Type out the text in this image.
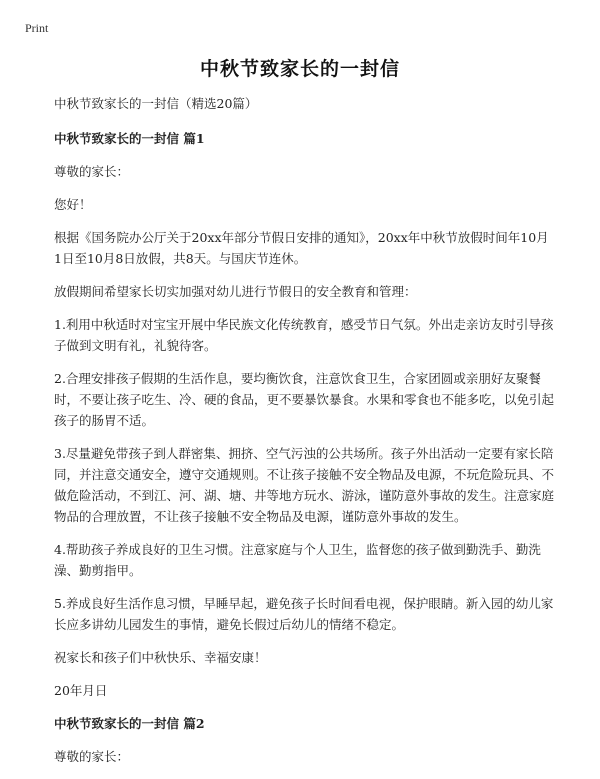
Print
中秋节致家长的一封信

中秋节致家长的一封信（精选20篇）

中秋节致家长的一封信 篇1

尊敬的家长：

您好！

根据《国务院办公厅关于20xx年部分节假日安排的通知》，20xx年中秋节放假时间年10月1日至10月8日放假，共8天。与国庆节连休。

放假期间希望家长切实加强对幼儿进行节假日的安全教育和管理：

1.利用中秋适时对宝宝开展中华民族文化传统教育，感受节日气氛。外出走亲访友时引导孩子做到文明有礼，礼貌待客。

2.合理安排孩子假期的生活作息，要均衡饮食，注意饮食卫生，合家团圆或亲朋好友聚餐时，不要让孩子吃生、冷、硬的食品，更不要暴饮暴食。水果和零食也不能多吃，以免引起孩子的肠胃不适。

3.尽量避免带孩子到人群密集、拥挤、空气污浊的公共场所。孩子外出活动一定要有家长陪同，并注意交通安全，遵守交通规则。不让孩子接触不安全物品及电源，不玩危险玩具、不做危险活动，不到江、河、湖、塘、井等地方玩水、游泳，谨防意外事故的发生。注意家庭物品的合理放置，不让孩子接触不安全物品及电源，谨防意外事故的发生。

4.帮助孩子养成良好的卫生习惯。注意家庭与个人卫生，监督您的孩子做到勤洗手、勤洗澡、勤剪指甲。

5.养成良好生活作息习惯，早睡早起，避免孩子长时间看电视，保护眼睛。新入园的幼儿家长应多讲幼儿园发生的事情，避免长假过后幼儿的情绪不稳定。

祝家长和孩子们中秋快乐、幸福安康！

20年月日

中秋节致家长的一封信 篇2

尊敬的家长：
